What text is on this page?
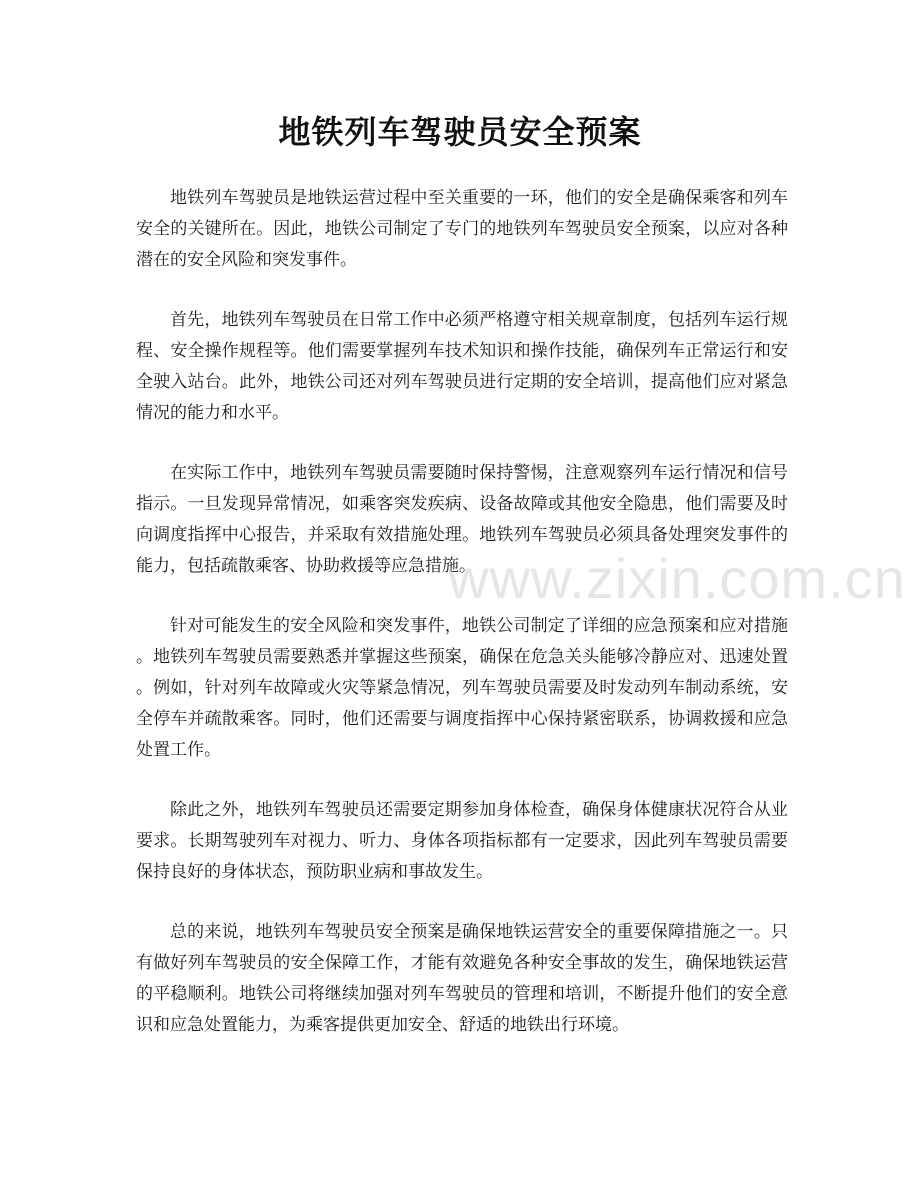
地铁列车驾驶员安全预案

地铁列车驾驶员是地铁运营过程中至关重要的一环，他们的安全是确保乘客和列车安全的关键所在。因此，地铁公司制定了专门的地铁列车驾驶员安全预案，以应对各种潜在的安全风险和突发事件。

首先，地铁列车驾驶员在日常工作中必须严格遵守相关规章制度，包括列车运行规程、安全操作规程等。他们需要掌握列车技术知识和操作技能，确保列车正常运行和安全驶入站台。此外，地铁公司还对列车驾驶员进行定期的安全培训，提高他们应对紧急情况的能力和水平。

在实际工作中，地铁列车驾驶员需要随时保持警惕，注意观察列车运行情况和信号指示。一旦发现异常情况，如乘客突发疾病、设备故障或其他安全隐患，他们需要及时向调度指挥中心报告，并采取有效措施处理。地铁列车驾驶员必须具备处理突发事件的能力，包括疏散乘客、协助救援等应急措施。

针对可能发生的安全风险和突发事件，地铁公司制定了详细的应急预案和应对措施。地铁列车驾驶员需要熟悉并掌握这些预案，确保在危急关头能够冷静应对、迅速处置。例如，针对列车故障或火灾等紧急情况，列车驾驶员需要及时发动列车制动系统，安全停车并疏散乘客。同时，他们还需要与调度指挥中心保持紧密联系，协调救援和应急处置工作。

除此之外，地铁列车驾驶员还需要定期参加身体检查，确保身体健康状况符合从业要求。长期驾驶列车对视力、听力、身体各项指标都有一定要求，因此列车驾驶员需要保持良好的身体状态，预防职业病和事故发生。

总的来说，地铁列车驾驶员安全预案是确保地铁运营安全的重要保障措施之一。只有做好列车驾驶员的安全保障工作，才能有效避免各种安全事故的发生，确保地铁运营的平稳顺利。地铁公司将继续加强对列车驾驶员的管理和培训，不断提升他们的安全意识和应急处置能力，为乘客提供更加安全、舒适的地铁出行环境。

www.zixin.com.cn
